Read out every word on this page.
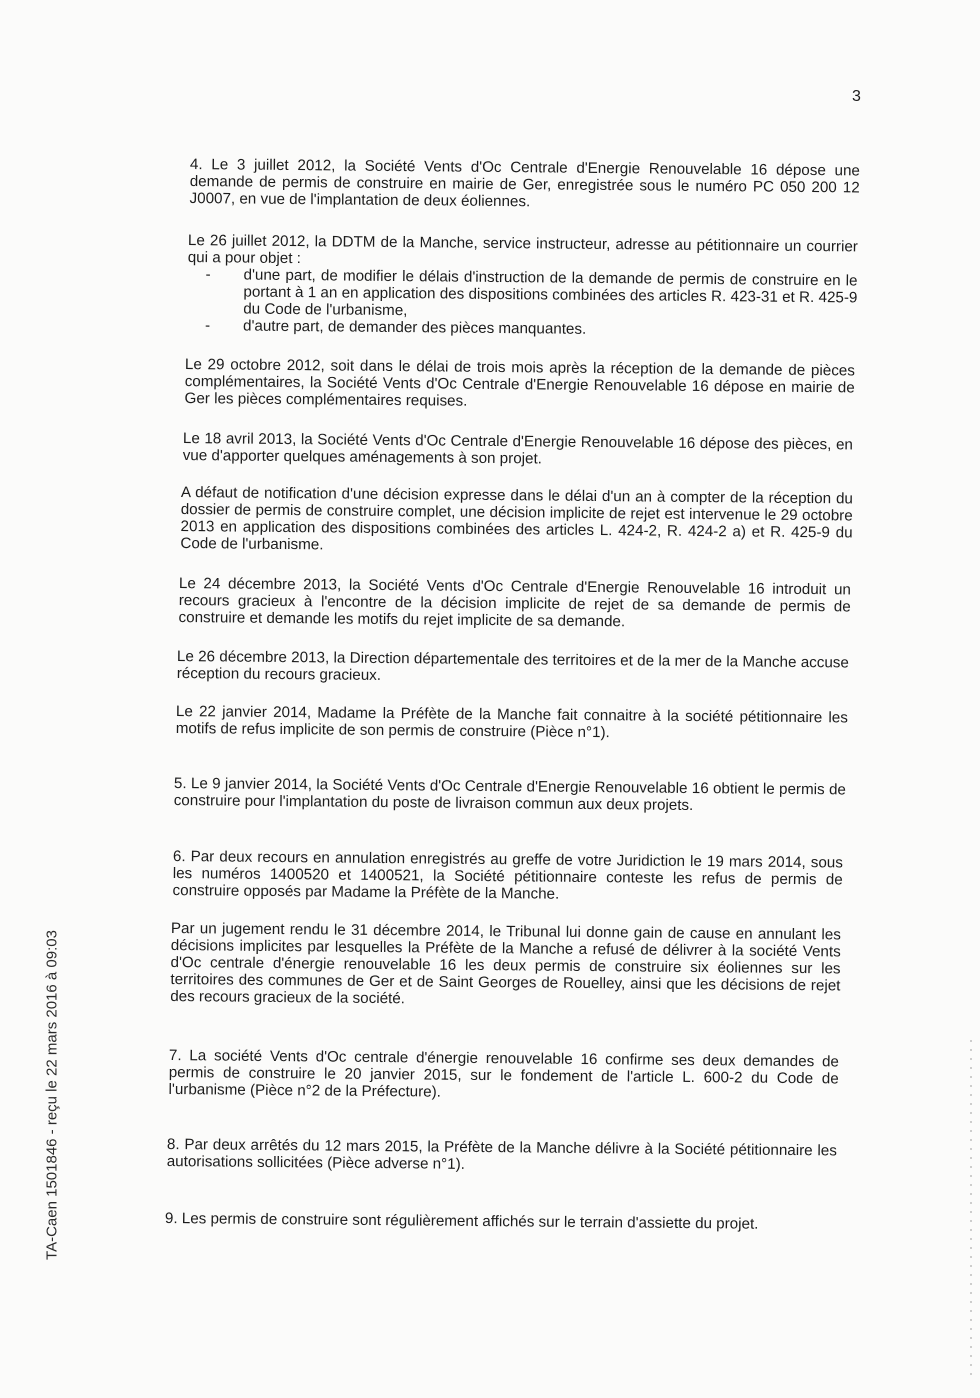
3
TA-Caen 1501846 - reçu le 22 mars 2016 à 09:03

4. Le 3 juillet 2012, la Société Vents d'Oc Centrale d'Energie Renouvelable 16 dépose une demande de permis de construire en mairie de Ger, enregistrée sous le numéro PC 050 200 12 J0007, en vue de l'implantation de deux éoliennes.

Le 26 juillet 2012, la DDTM de la Manche, service instructeur, adresse au pétitionnaire un courrier qui a pour objet :

- d'une part, de modifier le délais d'instruction de la demande de permis de construire en le portant à 1 an en application des dispositions combinées des articles R. 423-31 et R. 425-9 du Code de l'urbanisme,
- d'autre part, de demander des pièces manquantes.

Le 29 octobre 2012, soit dans le délai de trois mois après la réception de la demande de pièces complémentaires, la Société Vents d'Oc Centrale d'Energie Renouvelable 16 dépose en mairie de Ger les pièces complémentaires requises.

Le 18 avril 2013, la Société Vents d'Oc Centrale d'Energie Renouvelable 16 dépose des pièces, en vue d'apporter quelques aménagements à son projet.

A défaut de notification d'une décision expresse dans le délai d'un an à compter de la réception du dossier de permis de construire complet, une décision implicite de rejet est intervenue le 29 octobre 2013 en application des dispositions combinées des articles L. 424-2, R. 424-2 a) et R. 425-9 du Code de l'urbanisme.

Le 24 décembre 2013, la Société Vents d'Oc Centrale d'Energie Renouvelable 16 introduit un recours gracieux à l'encontre de la décision implicite de rejet de sa demande de permis de construire et demande les motifs du rejet implicite de sa demande.

Le 26 décembre 2013, la Direction départementale des territoires et de la mer de la Manche accuse réception du recours gracieux.

Le 22 janvier 2014, Madame la Préfète de la Manche fait connaitre à la société pétitionnaire les motifs de refus implicite de son permis de construire (Pièce n°1).

5. Le 9 janvier 2014, la Société Vents d'Oc Centrale d'Energie Renouvelable 16 obtient le permis de construire pour l'implantation du poste de livraison commun aux deux projets.

6. Par deux recours en annulation enregistrés au greffe de votre Juridiction le 19 mars 2014, sous les numéros 1400520 et 1400521, la Société pétitionnaire conteste les refus de permis de construire opposés par Madame la Préfète de la Manche.

Par un jugement rendu le 31 décembre 2014, le Tribunal lui donne gain de cause en annulant les décisions implicites par lesquelles la Préfète de la Manche a refusé de délivrer à la société Vents d'Oc centrale d'énergie renouvelable 16 les deux permis de construire six éoliennes sur les territoires des communes de Ger et de Saint Georges de Rouelley, ainsi que les décisions de rejet des recours gracieux de la société.

7. La société Vents d'Oc centrale d'énergie renouvelable 16 confirme ses deux demandes de permis de construire le 20 janvier 2015, sur le fondement de l'article L. 600-2 du Code de l'urbanisme (Pièce n°2 de la Préfecture).

8. Par deux arrêtés du 12 mars 2015, la Préfète de la Manche délivre à la Société pétitionnaire les autorisations sollicitées (Pièce adverse n°1).

9. Les permis de construire sont régulièrement affichés sur le terrain d'assiette du projet.
